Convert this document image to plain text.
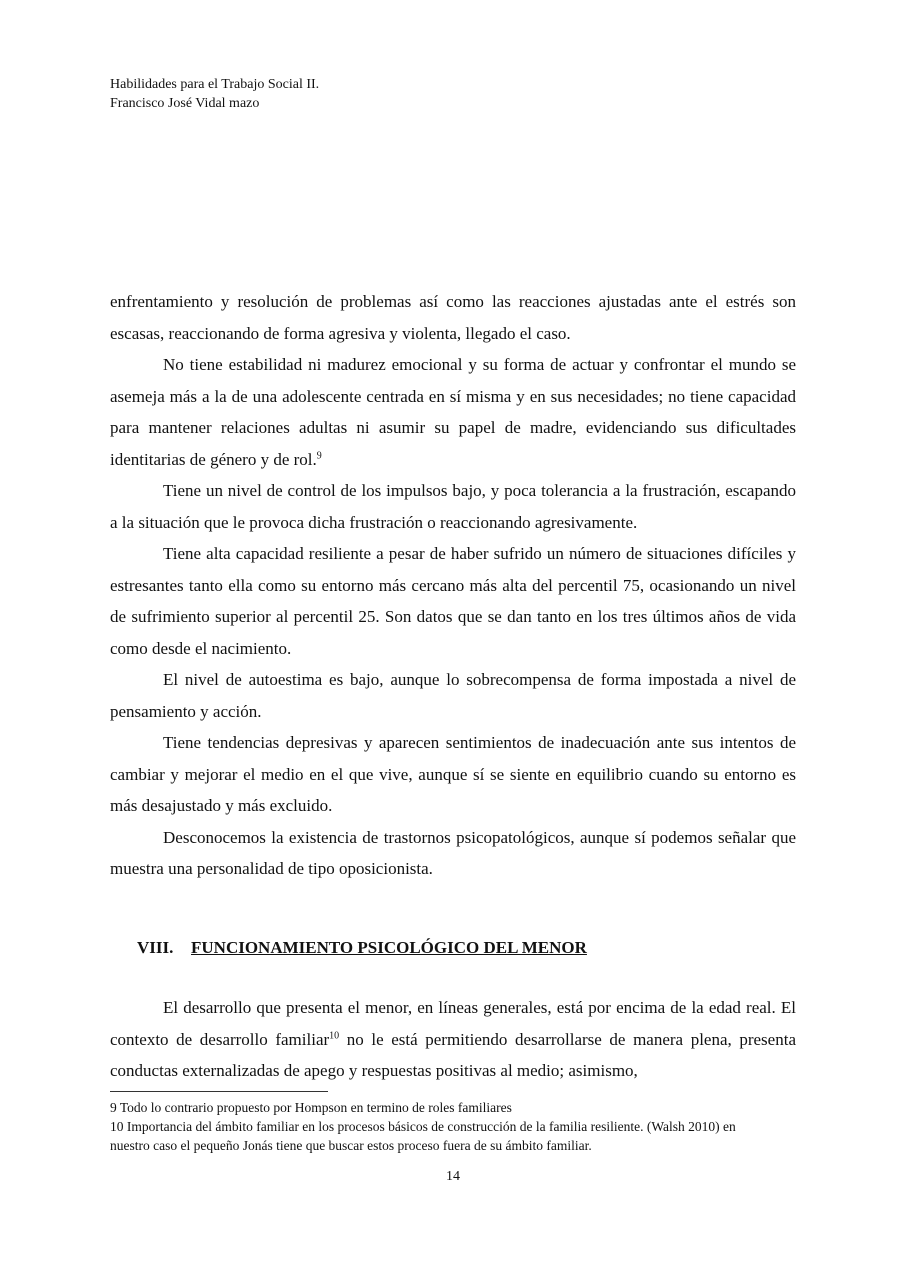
Habilidades para el Trabajo Social II.
Francisco José Vidal mazo

enfrentamiento y resolución de problemas así como las reacciones ajustadas ante el estrés son escasas, reaccionando de forma agresiva y violenta, llegado el caso.

No tiene estabilidad ni madurez emocional y su forma de actuar y confrontar el mundo se asemeja más a la de una adolescente centrada en sí misma y en sus necesidades; no tiene capacidad para mantener relaciones adultas ni asumir su papel de madre, evidenciando sus dificultades identitarias de género y de rol.$^9$

Tiene un nivel de control de los impulsos bajo, y poca tolerancia a la frustración, escapando a la situación que le provoca dicha frustración o reaccionando agresivamente.

Tiene alta capacidad resiliente a pesar de haber sufrido un número de situaciones difíciles y estresantes tanto ella como su entorno más cercano más alta del percentil 75, ocasionando un nivel de sufrimiento superior al percentil 25. Son datos que se dan tanto en los tres últimos años de vida como desde el nacimiento.

El nivel de autoestima es bajo, aunque lo sobrecompensa de forma impostada a nivel de pensamiento y acción.

Tiene tendencias depresivas y aparecen sentimientos de inadecuación ante sus intentos de cambiar y mejorar el medio en el que vive, aunque sí se siente en equilibrio cuando su entorno es más desajustado y más excluido.

Desconocemos la existencia de trastornos psicopatológicos, aunque sí podemos señalar que muestra una personalidad de tipo oposicionista.

VIII. FUNCIONAMIENTO PSICOLÓGICO DEL MENOR

El desarrollo que presenta el menor, en líneas generales, está por encima de la edad real. El contexto de desarrollo familiar$^{10}$ no le está permitiendo desarrollarse de manera plena, presenta conductas externalizadas de apego y respuestas positivas al medio; asimismo,

9 Todo lo contrario propuesto por Hompson en termino de roles familiares

10 Importancia del ámbito familiar en los procesos básicos de construcción de la familia resiliente. (Walsh 2010) en nuestro caso el pequeño Jonás tiene que buscar estos proceso fuera de su ámbito familiar.

14
